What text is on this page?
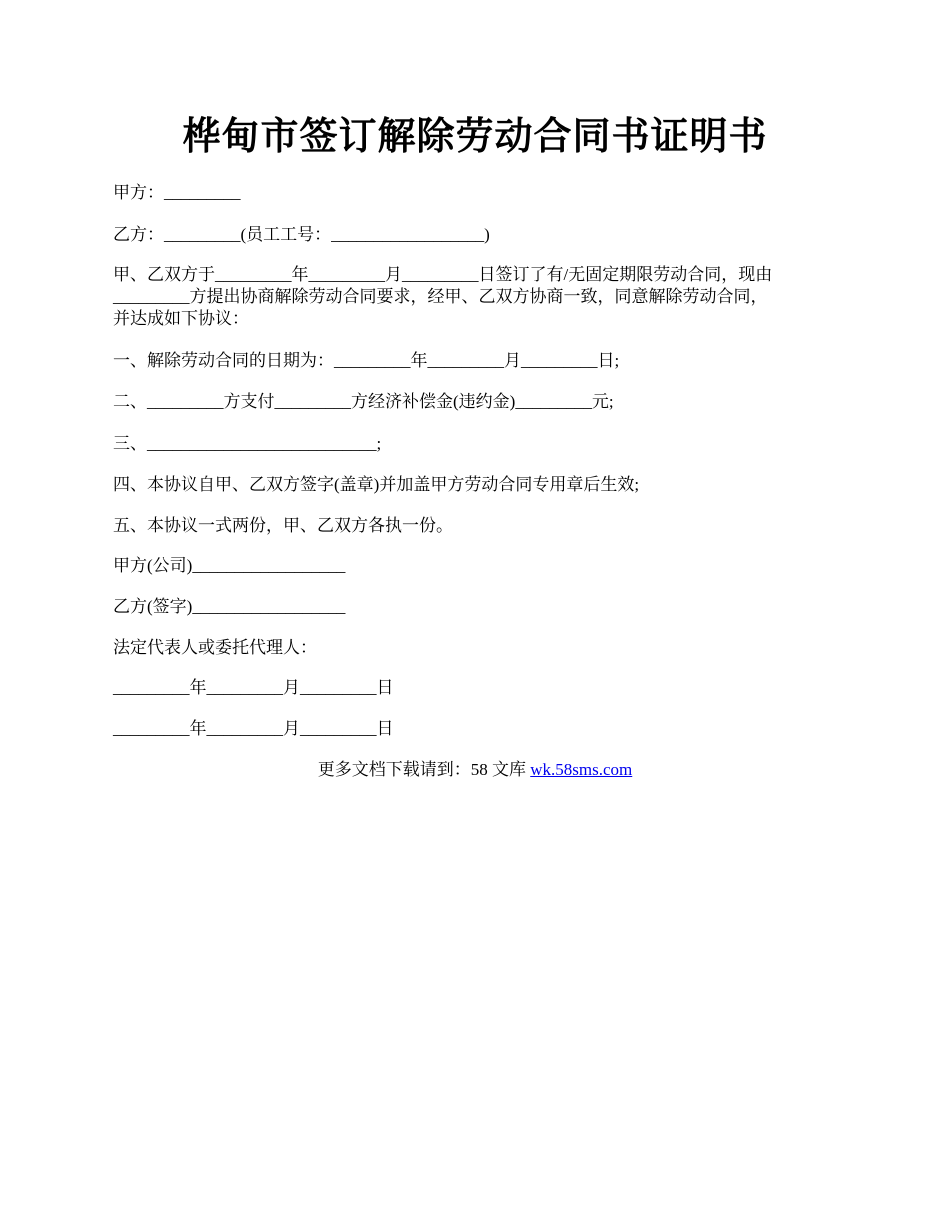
桦甸市签订解除劳动合同书证明书
甲方：_________
乙方：_________(员工工号：__________________)
甲、乙双方于_________年_________月_________日签订了有/无固定期限劳动合同，现由
_________方提出协商解除劳动合同要求，经甲、乙双方协商一致，同意解除劳动合同，
并达成如下协议：
一、解除劳动合同的日期为：_________年_________月_________日;
二、_________方支付_________方经济补偿金(违约金)_________元;
三、___________________________;
四、本协议自甲、乙双方签字(盖章)并加盖甲方劳动合同专用章后生效;
五、本协议一式两份，甲、乙双方各执一份。
甲方(公司)__________________
乙方(签字)__________________
法定代表人或委托代理人：
_________年_________月_________日
_________年_________月_________日
更多文档下载请到：58 文库 wk.58sms.com
